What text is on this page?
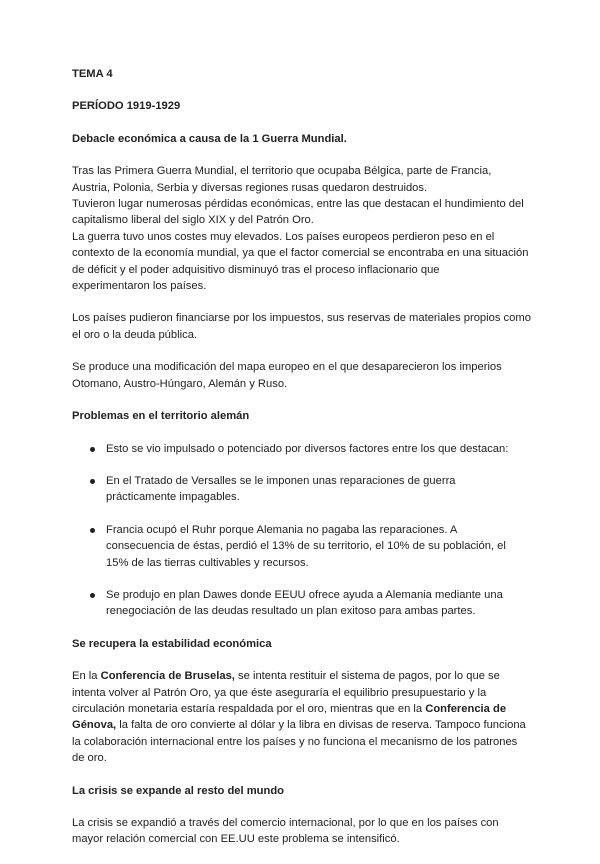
TEMA 4

PERÍODO 1919-1929

Debacle económica a causa de la 1 Guerra Mundial.

Tras las Primera Guerra Mundial, el territorio que ocupaba Bélgica, parte de Francia,
Austria, Polonia, Serbia y diversas regiones rusas quedaron destruidos.
Tuvieron lugar numerosas pérdidas económicas, entre las que destacan el hundimiento del
capitalismo liberal del siglo XIX y del Patrón Oro.
La guerra tuvo unos costes muy elevados. Los países europeos perdieron peso en el
contexto de la economía mundial, ya que el factor comercial se encontraba en una situación
de déficit y el poder adquisitivo disminuyó tras el proceso inflacionario que
experimentaron los países.

Los países pudieron financiarse por los impuestos, sus reservas de materiales propios como
el oro o la deuda pública.

Se produce una modificación del mapa europeo en el que desaparecieron los imperios
Otomano, Austro-Húngaro, Alemán y Ruso.

Problemas en el territorio alemán

Esto se vio impulsado o potenciado por diversos factores entre los que destacan:
En el Tratado de Versalles se le imponen unas reparaciones de guerra
prácticamente impagables.
Francia ocupó el Ruhr porque Alemania no pagaba las reparaciones. A
consecuencia de éstas, perdió el 13% de su territorio, el 10% de su población, el
15% de las tierras cultivables y recursos.
Se produjo en plan Dawes donde EEUU ofrece ayuda a Alemania mediante una
renegociación de las deudas resultado un plan exitoso para ambas partes.

Se recupera la estabilidad económica

En la Conferencia de Bruselas, se intenta restituir el sistema de pagos, por lo que se
intenta volver al Patrón Oro, ya que éste aseguraría el equilibrio presupuestario y la
circulación monetaria estaría respaldada por el oro, mientras que en la Conferencia de
Génova, la falta de oro convierte al dólar y la libra en divisas de reserva. Tampoco funciona
la colaboración internacional entre los países y no funciona el mecanismo de los patrones
de oro.

La crisis se expande al resto del mundo

La crisis se expandió a través del comercio internacional, por lo que en los países con
mayor relación comercial con EE.UU este problema se intensificó.
